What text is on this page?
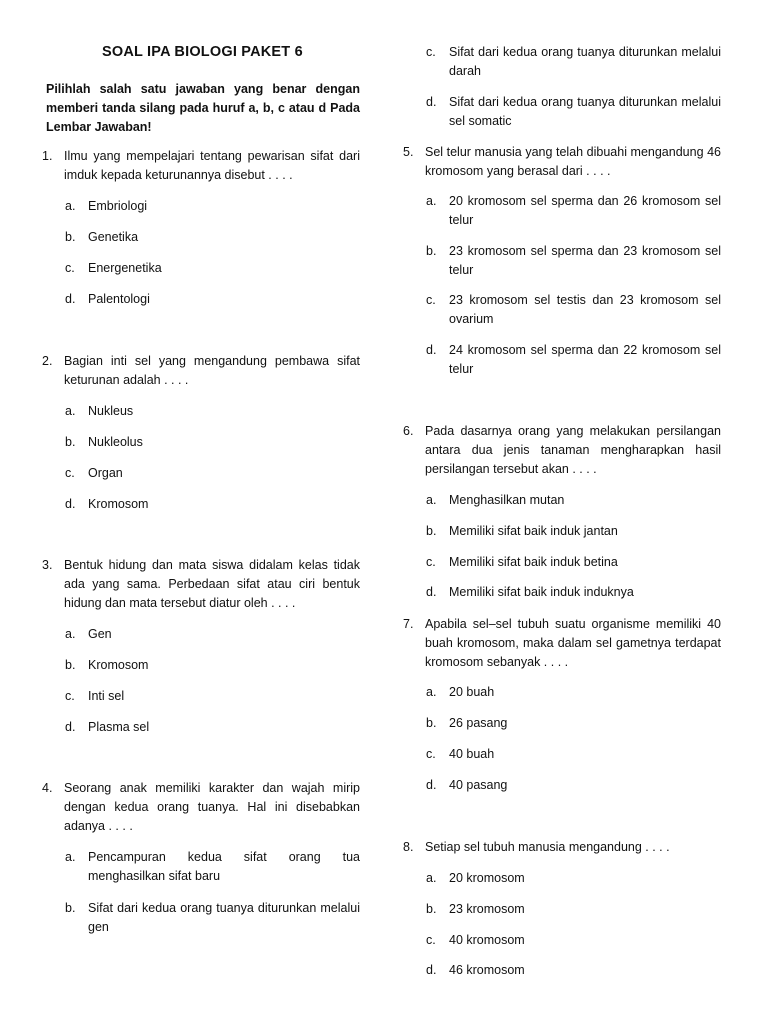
SOAL IPA BIOLOGI PAKET 6
Pilihlah salah satu jawaban yang benar dengan memberi tanda silang pada huruf a, b, c atau d Pada Lembar Jawaban!
1. Ilmu yang mempelajari tentang pewarisan sifat dari imduk kepada keturunannya disebut . . . .
a. Embriologi
b. Genetika
c. Energenetika
d. Palentologi
2. Bagian inti sel yang mengandung pembawa sifat keturunan adalah . . . .
a. Nukleus
b. Nukleolus
c. Organ
d. Kromosom
3. Bentuk hidung dan mata siswa didalam kelas tidak ada yang sama. Perbedaan sifat atau ciri bentuk hidung dan mata tersebut diatur oleh . . . .
a. Gen
b. Kromosom
c. Inti sel
d. Plasma sel
4. Seorang anak memiliki karakter dan wajah mirip dengan kedua orang tuanya. Hal ini disebabkan adanya . . . .
a. Pencampuran kedua sifat orang tua menghasilkan sifat baru
b. Sifat dari kedua orang tuanya diturunkan melalui gen
c. Sifat dari kedua orang tuanya diturunkan melalui darah
d. Sifat dari kedua orang tuanya diturunkan melalui sel somatic
5. Sel telur manusia yang telah dibuahi mengandung 46 kromosom yang berasal dari . . . .
a. 20 kromosom sel sperma dan 26 kromosom sel telur
b. 23 kromosom sel sperma dan 23 kromosom sel telur
c. 23 kromosom sel testis dan 23 kromosom sel ovarium
d. 24 kromosom sel sperma dan 22 kromosom sel telur
6. Pada dasarnya orang yang melakukan persilangan antara dua jenis tanaman mengharapkan hasil persilangan tersebut akan . . . .
a. Menghasilkan mutan
b. Memiliki sifat baik induk jantan
c. Memiliki sifat baik induk betina
d. Memiliki sifat baik induk induknya
7. Apabila sel–sel tubuh suatu organisme memiliki 40 buah kromosom, maka dalam sel gametnya terdapat kromosom sebanyak . . . .
a. 20 buah
b. 26 pasang
c. 40 buah
d. 40 pasang
8. Setiap sel tubuh manusia mengandung . . . .
a. 20 kromosom
b. 23 kromosom
c. 40 kromosom
d. 46 kromosom
